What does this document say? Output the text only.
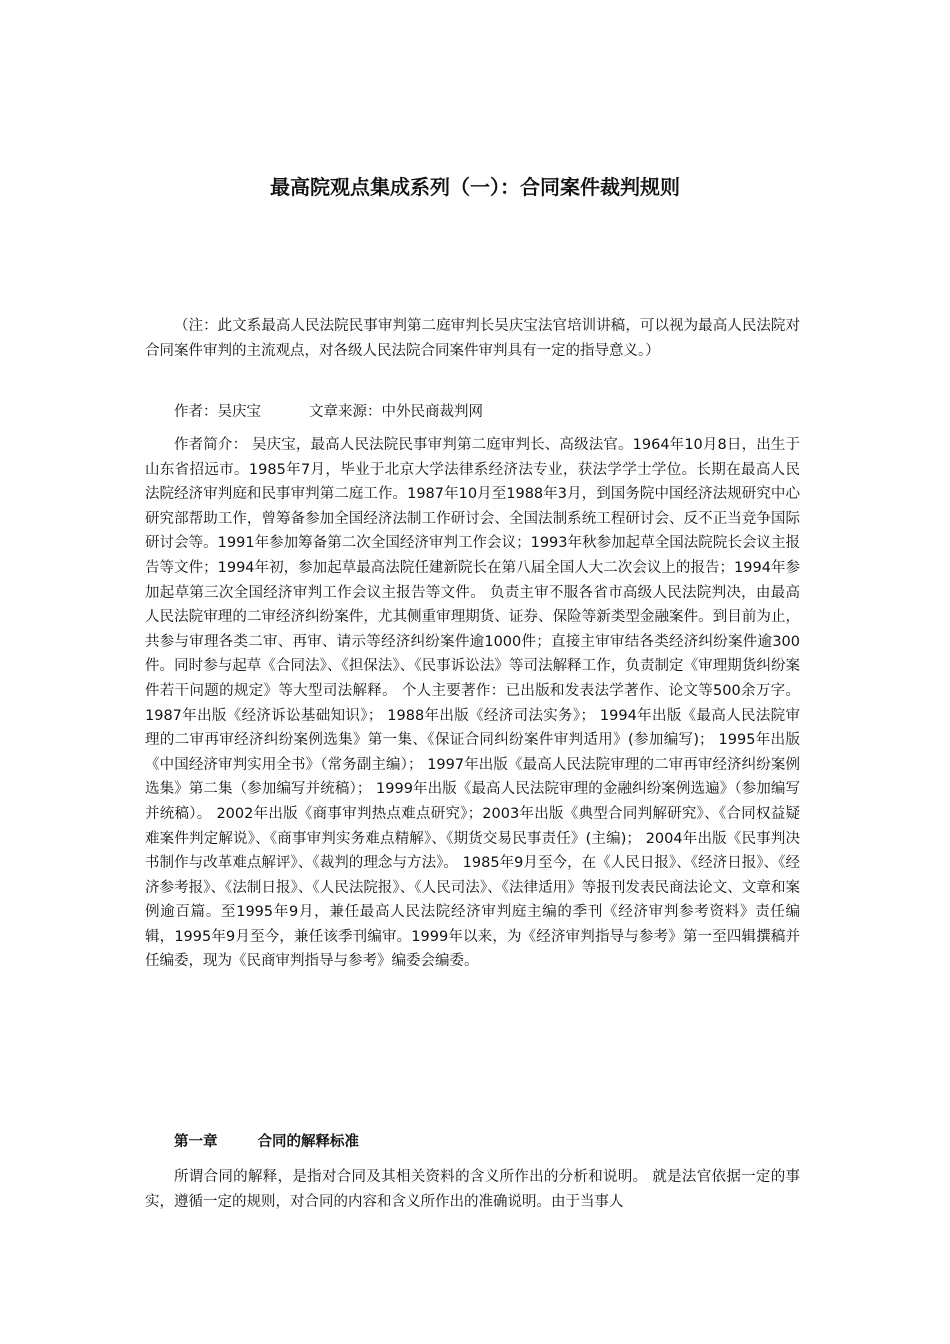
最高院观点集成系列（一）：合同案件裁判规则

（注：此文系最高人民法院民事审判第二庭审判长吴庆宝法官培训讲稿，可以视为最高人民法院对合同案件审判的主流观点，对各级人民法院合同案件审判具有一定的指导意义。）

作者：吴庆宝	文章来源：中外民商裁判网

作者简介： 吴庆宝，最高人民法院民事审判第二庭审判长、高级法官。1964年10月8日，出生于山东省招远市。1985年7月，毕业于北京大学法律系经济法专业，获法学学士学位。长期在最高人民法院经济审判庭和民事审判第二庭工作。1987年10月至1988年3月，到国务院中国经济法规研究中心研究部帮助工作，曾筹备参加全国经济法制工作研讨会、全国法制系统工程研讨会、反不正当竞争国际研讨会等。1991年参加筹备第二次全国经济审判工作会议；1993年秋参加起草全国法院院长会议主报告等文件；1994年初，参加起草最高法院任建新院长在第八届全国人大二次会议上的报告；1994年参加起草第三次全国经济审判工作会议主报告等文件。 负责主审不服各省市高级人民法院判决，由最高人民法院审理的二审经济纠纷案件，尤其侧重审理期货、证券、保险等新类型金融案件。到目前为止，共参与审理各类二审、再审、请示等经济纠纷案件逾1000件；直接主审审结各类经济纠纷案件逾300件。同时参与起草《合同法》、《担保法》、《民事诉讼法》等司法解释工作，负责制定《审理期货纠纷案件若干问题的规定》等大型司法解释。 个人主要著作：已出版和发表法学著作、论文等500余万字。 1987年出版《经济诉讼基础知识》； 1988年出版《经济司法实务》； 1994年出版《最高人民法院审理的二审再审经济纠纷案例选集》第一集、《保证合同纠纷案件审判适用》(参加编写)； 1995年出版《中国经济审判实用全书》（常务副主编）； 1997年出版《最高人民法院审理的二审再审经济纠纷案例选集》第二集（参加编写并统稿）； 1999年出版《最高人民法院审理的金融纠纷案例选遍》（参加编写并统稿）。 2002年出版《商事审判热点难点研究》；2003年出版《典型合同判解研究》、《合同权益疑难案件判定解说》、《商事审判实务难点精解》、《期货交易民事责任》(主编)； 2004年出版《民事判决书制作与改革难点解评》、《裁判的理念与方法》。 1985年9月至今，在《人民日报》、《经济日报》、《经济参考报》、《法制日报》、《人民法院报》、《人民司法》、《法律适用》等报刊发表民商法论文、文章和案例逾百篇。至1995年9月，兼任最高人民法院经济审判庭主编的季刊《经济审判参考资料》责任编辑，1995年9月至今，兼任该季刊编审。1999年以来，为《经济审判指导与参考》第一至四辑撰稿并任编委，现为《民商审判指导与参考》编委会编委。

第一章	合同的解释标准

所谓合同的解释，是指对合同及其相关资料的含义所作出的分析和说明。 就是法官依据一定的事实，遵循一定的规则，对合同的内容和含义所作出的准确说明。由于当事人
